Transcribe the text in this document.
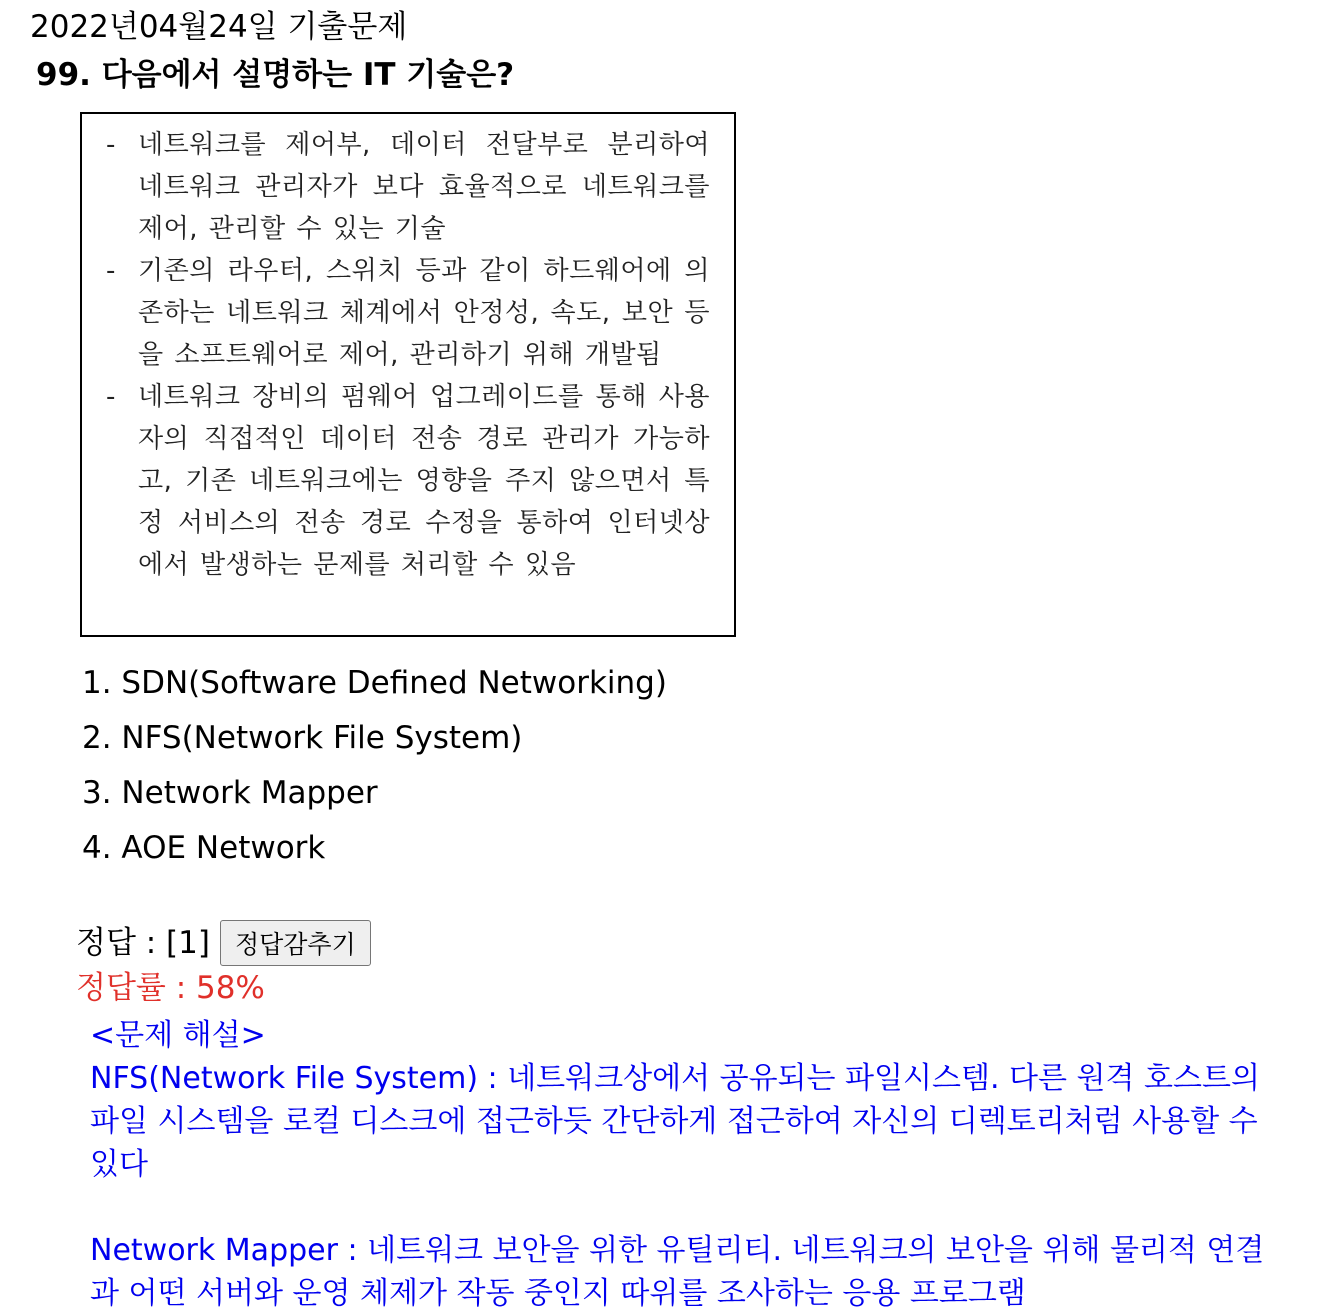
2022년04월24일 기출문제
99. 다음에서 설명하는 IT 기술은?
- 네트워크를 제어부, 데이터 전달부로 분리하여 네트워크 관리자가 보다 효율적으로 네트워크를 제어, 관리할 수 있는 기술
- 기존의 라우터, 스위치 등과 같이 하드웨어에 의존하는 네트워크 체계에서 안정성, 속도, 보안 등을 소프트웨어로 제어, 관리하기 위해 개발됨
- 네트워크 장비의 펌웨어 업그레이드를 통해 사용자의 직접적인 데이터 전송 경로 관리가 가능하고, 기존 네트워크에는 영향을 주지 않으면서 특정 서비스의 전송 경로 수정을 통하여 인터넷상에서 발생하는 문제를 처리할 수 있음
1. SDN(Software Defined Networking)
2. NFS(Network File System)
3. Network Mapper
4. AOE Network
정답 : [1]	정답감추기
정답률 : 58%

<문제 해설>

NFS(Network File System) : 네트워크상에서 공유되는 파일시스템. 다른 원격 호스트의 파일 시스템을 로컬 디스크에 접근하듯 간단하게 접근하여 자신의 디렉토리처럼 사용할 수 있다

Network Mapper : 네트워크 보안을 위한 유틸리티. 네트워크의 보안을 위해 물리적 연결과 어떤 서버와 운영 체제가 작동 중인지 따위를 조사하는 응용 프로그램
